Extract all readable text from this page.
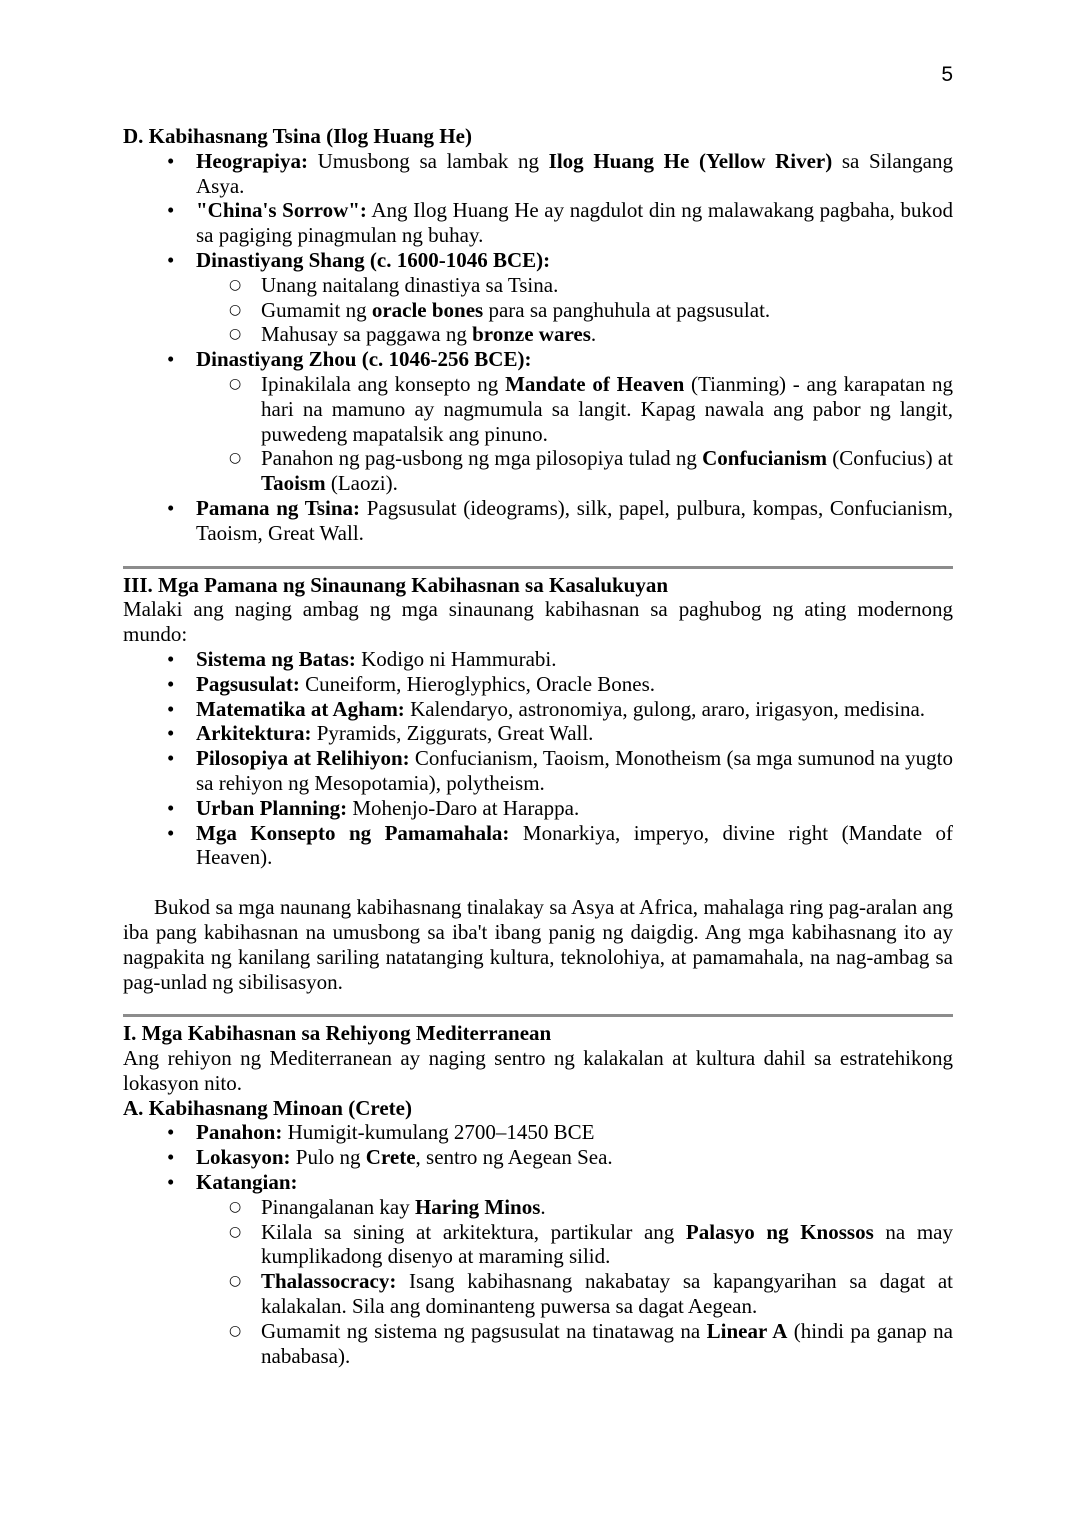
5
D. Kabihasnang Tsina (Ilog Huang He)
• Heograpiya: Umusbong sa lambak ng Ilog Huang He (Yellow River) sa Silangang Asya.
• "China's Sorrow": Ang Ilog Huang He ay nagdulot din ng malawakang pagbaha, bukod sa pagiging pinagmulan ng buhay.
• Dinastiyang Shang (c. 1600-1046 BCE):
○ Unang naitalang dinastiya sa Tsina.
○ Gumamit ng oracle bones para sa panghuhula at pagsusulat.
○ Mahusay sa paggawa ng bronze wares.
• Dinastiyang Zhou (c. 1046-256 BCE):
○ Ipinakilala ang konsepto ng Mandate of Heaven (Tianming) - ang karapatan ng hari na mamuno ay nagmumula sa langit. Kapag nawala ang pabor ng langit, puwedeng mapatalsik ang pinuno.
○ Panahon ng pag-usbong ng mga pilosopiya tulad ng Confucianism (Confucius) at Taoism (Laozi).
• Pamana ng Tsina: Pagsusulat (ideograms), silk, papel, pulbura, kompas, Confucianism, Taoism, Great Wall.
III. Mga Pamana ng Sinaunang Kabihasnan sa Kasalukuyan
Malaki ang naging ambag ng mga sinaunang kabihasnan sa paghubog ng ating modernong mundo:
• Sistema ng Batas: Kodigo ni Hammurabi.
• Pagsusulat: Cuneiform, Hieroglyphics, Oracle Bones.
• Matematika at Agham: Kalendaryo, astronomiya, gulong, araro, irigasyon, medisina.
• Arkitektura: Pyramids, Ziggurats, Great Wall.
• Pilosopiya at Relihiyon: Confucianism, Taoism, Monotheism (sa mga sumunod na yugto sa rehiyon ng Mesopotamia), polytheism.
• Urban Planning: Mohenjo-Daro at Harappa.
• Mga Konsepto ng Pamamahala: Monarkiya, imperyo, divine right (Mandate of Heaven).
Bukod sa mga naunang kabihasnang tinalakay sa Asya at Africa, mahalaga ring pag-aralan ang iba pang kabihasnan na umusbong sa iba't ibang panig ng daigdig. Ang mga kabihasnang ito ay nagpakita ng kanilang sariling natatanging kultura, teknolohiya, at pamamahala, na nag-ambag sa pag-unlad ng sibilisasyon.
I. Mga Kabihasnan sa Rehiyong Mediterranean
Ang rehiyon ng Mediterranean ay naging sentro ng kalakalan at kultura dahil sa estratehikong lokasyon nito.
A. Kabihasnang Minoan (Crete)
• Panahon: Humigit-kumulang 2700–1450 BCE
• Lokasyon: Pulo ng Crete, sentro ng Aegean Sea.
• Katangian:
○ Pinangalanan kay Haring Minos.
○ Kilala sa sining at arkitektura, partikular ang Palasyo ng Knossos na may kumplikadong disenyo at maraming silid.
○ Thalassocracy: Isang kabihasnang nakabatay sa kapangyarihan sa dagat at kalakalan. Sila ang dominanteng puwersa sa dagat Aegean.
○ Gumamit ng sistema ng pagsusulat na tinatawag na Linear A (hindi pa ganap na nababasa).
